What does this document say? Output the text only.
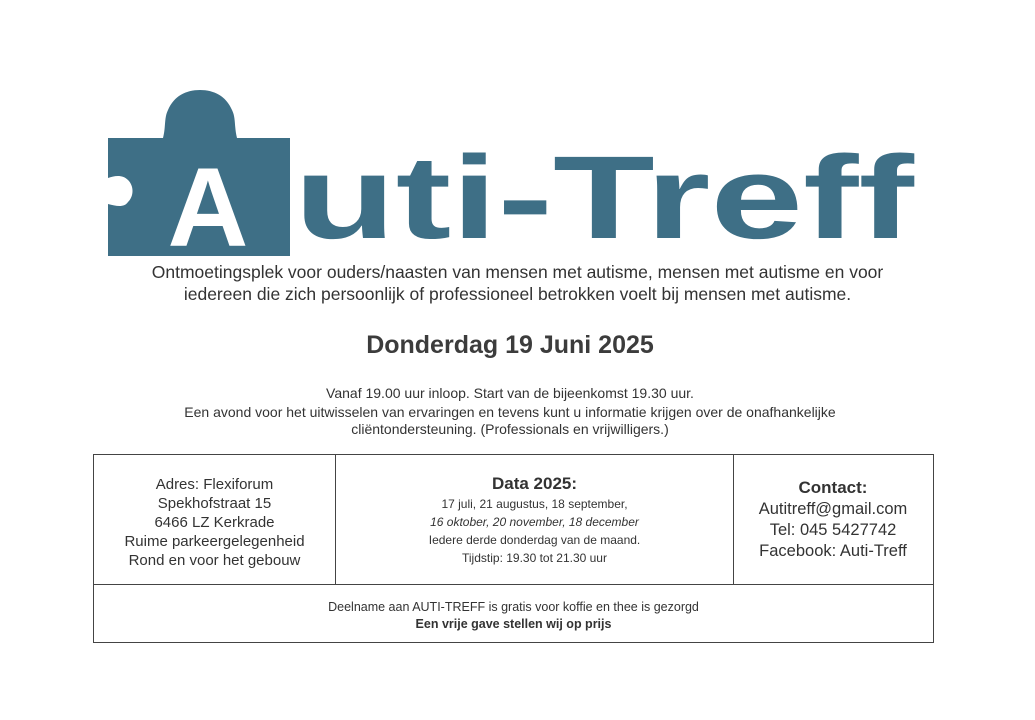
A uti-Treff
Ontmoetingsplek voor ouders/naasten van mensen met autisme, mensen met autisme en voor
iedereen die zich persoonlijk of professioneel betrokken voelt bij mensen met autisme.
Donderdag 19 Juni 2025
Vanaf 19.00 uur inloop. Start van de bijeenkomst 19.30 uur.
Een avond voor het uitwisselen van ervaringen en tevens kunt u informatie krijgen over de onafhankelijke
cliëntondersteuning. (Professionals en vrijwilligers.)
Adres: Flexiforum
Spekhofstraat 15
6466 LZ Kerkrade
Ruime parkeergelegenheid
Rond en voor het gebouw
Data 2025:
17 juli, 21 augustus, 18 september,
16 oktober, 20 november, 18 december
Iedere derde donderdag van de maand.
Tijdstip: 19.30 tot 21.30 uur
Contact:
Autitreff@gmail.com
Tel: 045 5427742
Facebook: Auti-Treff
Deelname aan AUTI-TREFF is gratis voor koffie en thee is gezorgd
Een vrije gave stellen wij op prijs
